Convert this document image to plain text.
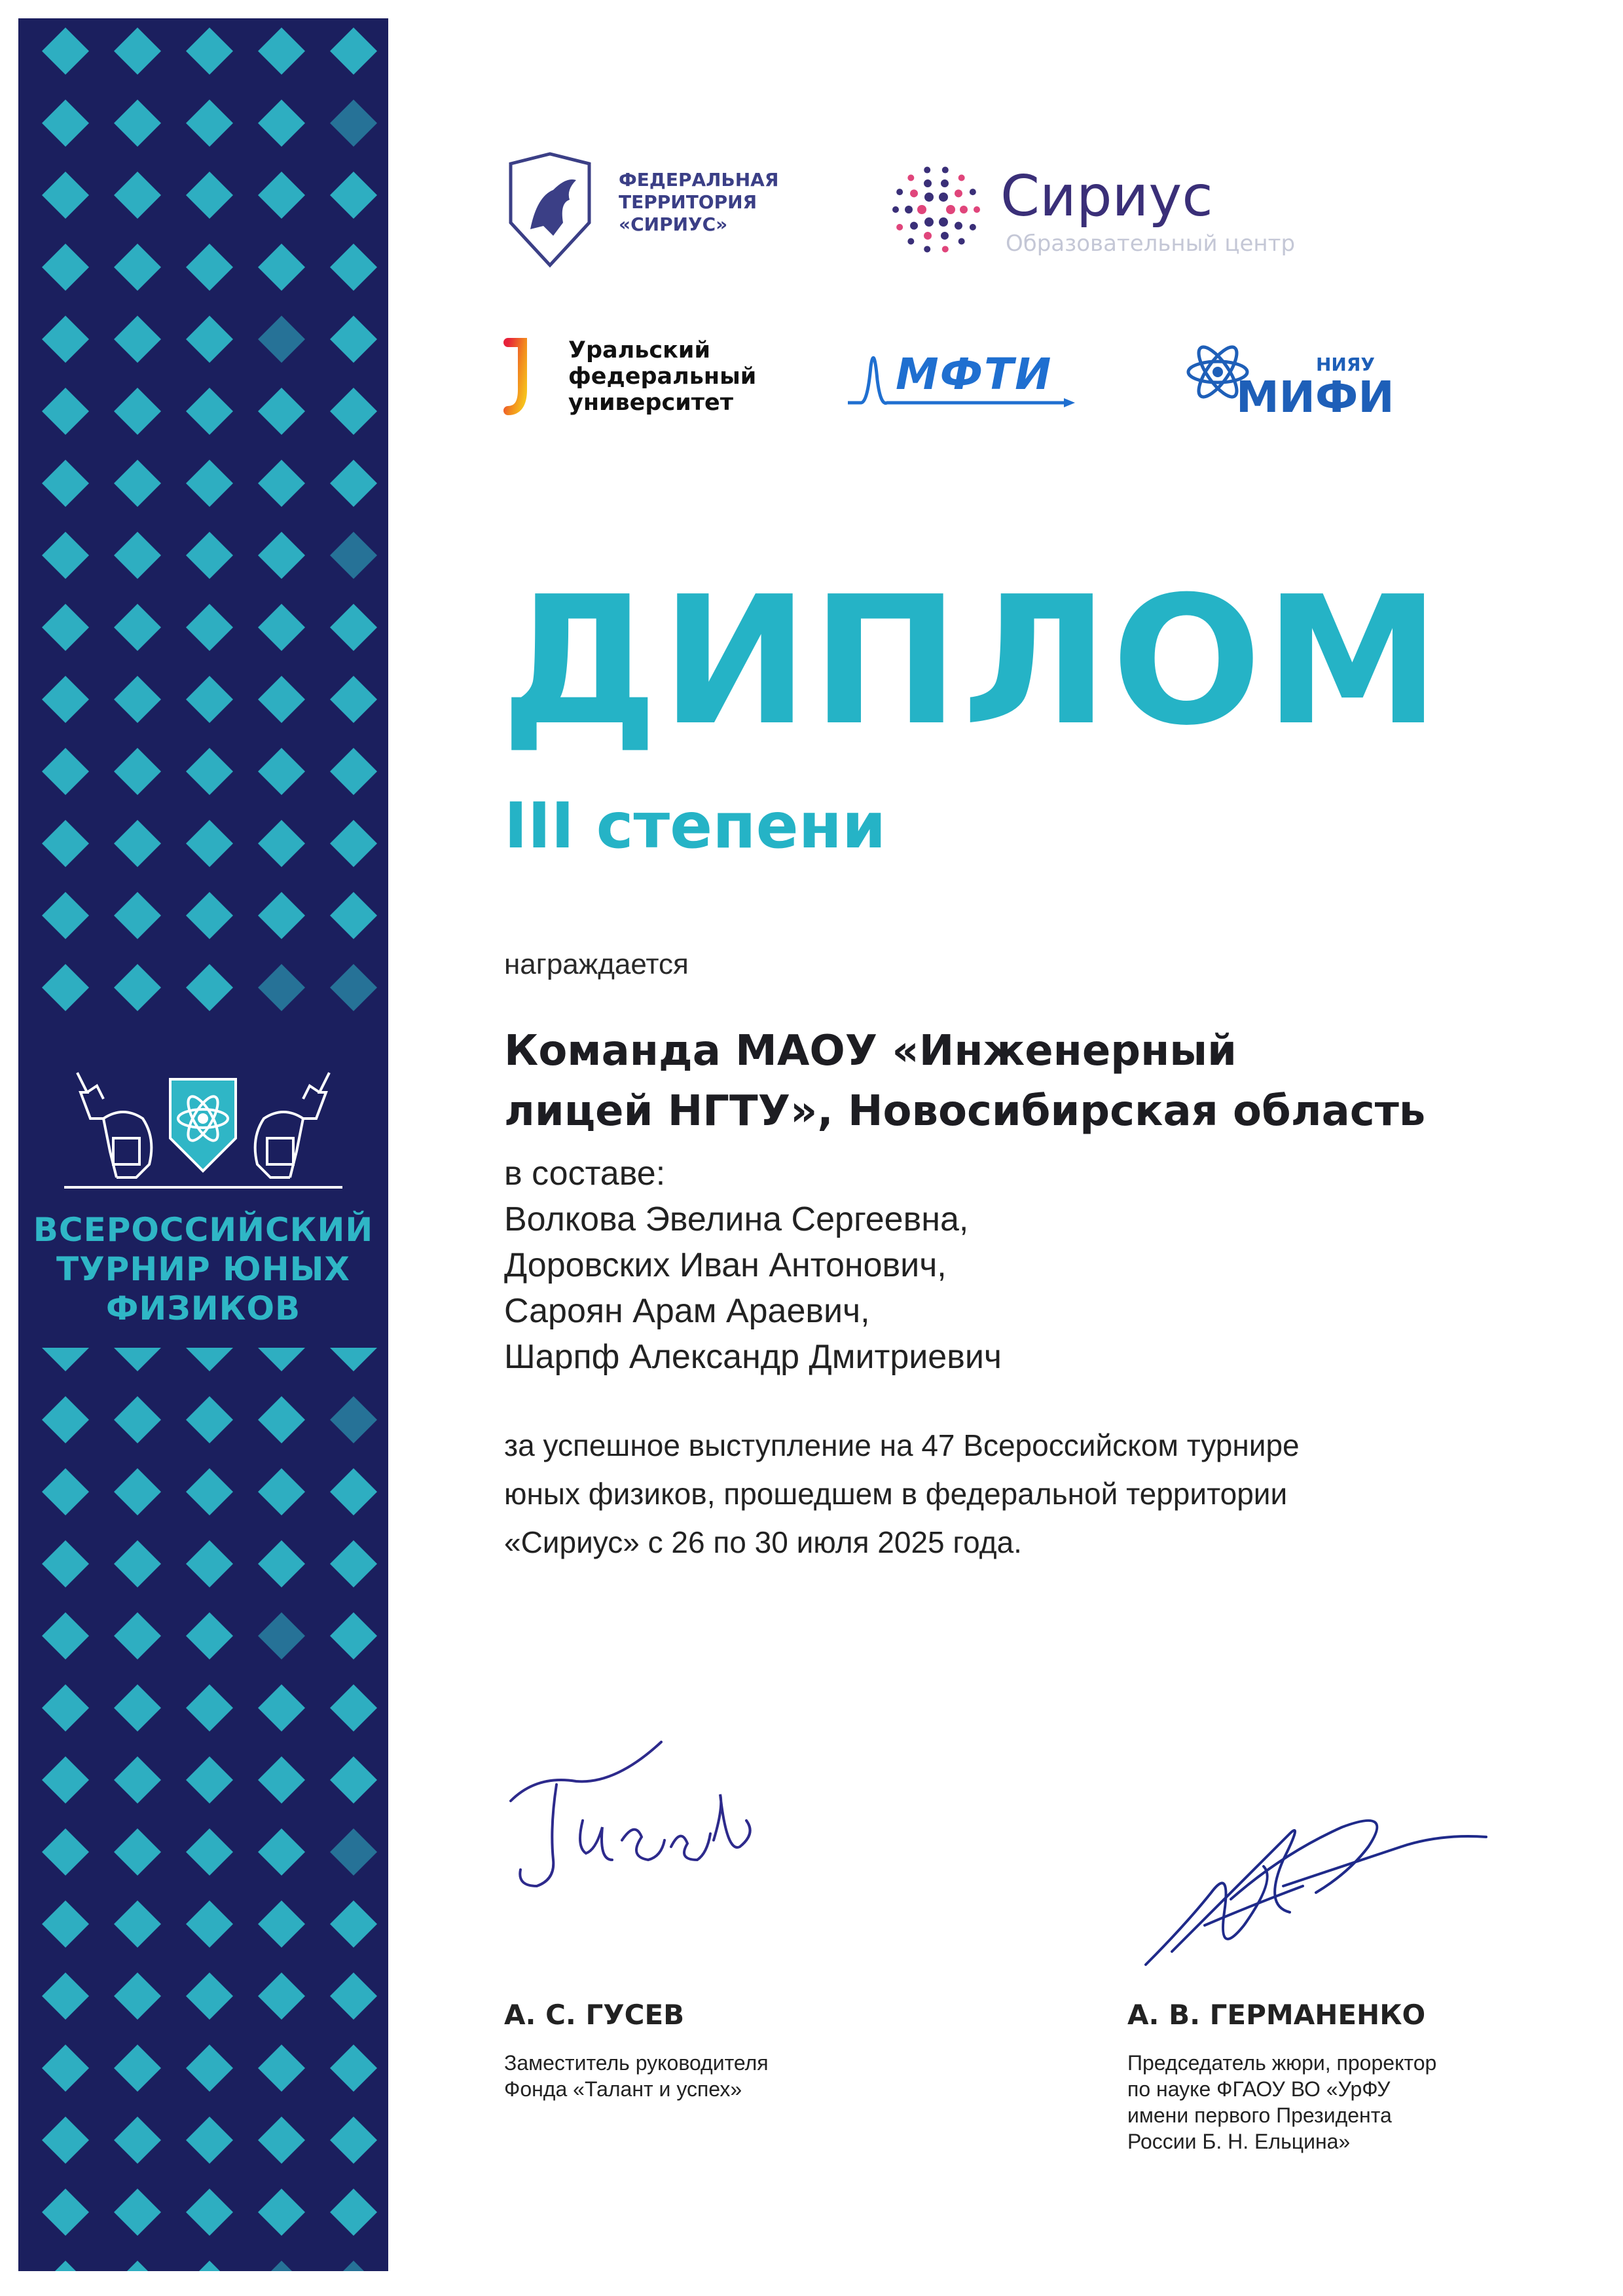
ВСЕРОССИЙСКИЙ
ТУРНИР ЮНЫХ
ФИЗИКОВ
ФЕДЕРАЛЬНАЯ
ТЕРРИТОРИЯ
«СИРИУС»	Сириус
Образовательный центр
Уральский
федеральный
университет
МФТИ	НИЯУ
МИФИ
ДИПЛОМ
III степени
награждается
Команда МАОУ «Инженерный
лицей НГТУ», Новосибирская область
в составе:
Волкова Эвелина Сергеевна,
Доровских Иван Антонович,
Сароян Арам Араевич,
Шарпф Александр Дмитриевич
за успешное выступление на 47 Всероссийском турнире
юных физиков, прошедшем в федеральной территории
«Сириус» с 26 по 30 июля 2025 года.
А. С. ГУСЕВ
Заместитель руководителя
Фонда «Талант и успех»
А. В. ГЕРМАНЕНКО
Председатель жюри, проректор
по науке ФГАОУ ВО «УрФУ
имени первого Президента
России Б. Н. Ельцина»
